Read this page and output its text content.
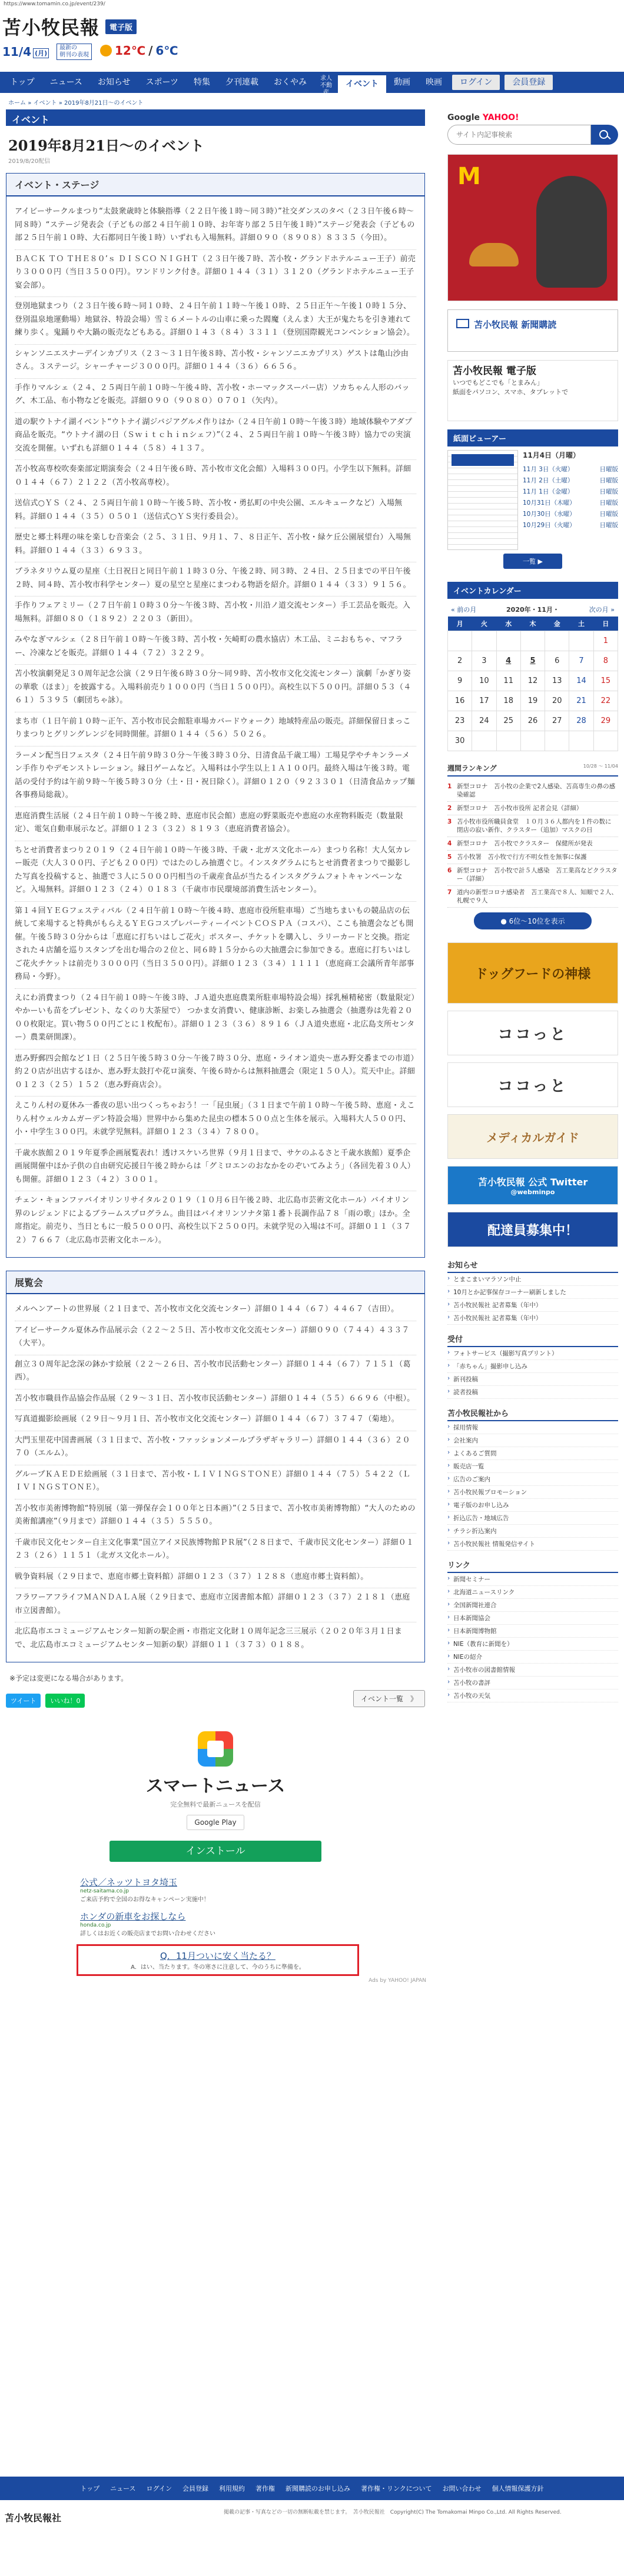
https://www.tomamin.co.jp/event/239/
苫小牧民報	電子版
11/4 (月)
最新の
朝刊の表現 12℃ / 6℃
トップ	ニュース	お知らせ	スポーツ	特集	夕刊連載	おくやみ	求人不動産
イベント	動画	映画	ログイン	会員登録
ホーム » イベント » 2019年8月21日～のイベント
イベント
2019年8月21日～のイベント
2019/8/20配信
イベント・ステージ

アイビーサークルまつり“太鼓衆歳時と体験指導（２２日午後１時～同３時）”社交ダンスのタベ（２３日午後６時～同８時）“ステージ発表会（子どもの部２４日午前１０時、お年寄り部２５日午後１時）”ステージ発表会（子どもの部２５日午前１０時、大石都同日午後１時）いずれも入場無料。詳細０９０（８９０８）８３３５（今田）。

ＢＡＣＫ ＴＯ ＴＨＥ８０’ｓ ＤＩＳＣＯ ＮＩＧＨＴ（２３日午後７時、苫小牧・グランドホテルニュー王子）前売り３０００円（当日３５００円）。ワンドリンク付き。詳細０１４４（３１）３１２０（グランドホテルニュー王子宴会部）。

登別地獄まつり（２３日午後６時～同１０時、２４日午前１１時～午後１０時、２５日正午～午後１０時１５分、登別温泉地運動場）地獄谷、特設会場）雪ミ６メートルの山車に乗った閻魔（えんま）大王が鬼たちを引き連れて練り歩く。鬼踊りや大鍋の販売などもある。詳細０１４３（８４）３３１１（登別国際観光コンベンション協会）。

シャンソニエスナーデインカプリス（２３～３１日午後８時、苫小牧・シャンソニエカプリス）ゲストは亀山沙由さん。３ステージ。シャーチャージ３０００円。詳細０１４４（３６）６６５６。

手作りマルシェ（２４、２５両日午前１０時～午後４時、苫小牧・ホーマックスーパー店）ソカちゃん人形のバッグ、木工品、布小物などを販売。詳細０９０（９０８０）０７０１（矢内）。

道の駅ウトナイ湖イベント“ウトナイ湖ジバジアグルメ作りはか（２４日午前１０時～午後３時）地域体験やアダプ商品を販売。“ウトナイ湖の日（Ｓｗｉｔｃｈｉｎシェフ）”（２４、２５両日午前１０時～午後３時）協力での実演交流を開催。いずれも詳細０１４４（５８）４１３７。

苫小牧高専校吹奏楽部定期演奏会（２４日午後６時、苫小牧市文化会館）入場料３００円。小学生以下無料。詳細０１４４（６７）２１２２（苫小牧高専校）。

送信式○ＹＳ（２４、２５両日午前１０時～午後５時、苫小牧・勇払町の中央公園、エルキュークなど）入場無料。詳細０１４４（３５）０５０１（送信式○ＹＳ実行委員会）。

歴史と郷土料理の味を楽しむ音楽会（２５、３１日、９月１、７、８日正午、苫小牧・緑ケ丘公園展望台）入場無料。詳細０１４４（３３）６９３３。

プラネタリウム夏の星座（土日祝日と同日午前１１時３０分、午後２時、同３時、２４日、２５日までの平日午後２時、同４時、苫小牧市科学センター）夏の星空と星座にまつわる物語を紹介。詳細０１４４（３３）９１５６。

手作りフェアミリー（２７日午前１０時３０分～午後３時、苫小牧・川沿ノ道交流センター）手工芸品を販売。入場無料。詳細０８０（１８９２）２２０３（新田）。

みやなぎマルシェ（２８日午前１０時～午後３時、苫小牧・矢崎町の農水協店）木工品、ミニおもちゃ、マフラー、冷凍などを販売。詳細０１４４（７２）３２２９。

苫小牧演劇発足３０周年記念公演（２９日午後６時３０分～同９時、苫小牧市文化交流センター）演劇「かぎり姿の華歌（ほま）」を披露する。入場料前売り１０００円（当日１５００円）。高校生以下５００円。詳細０５３（４６１）５３９５（劇団ちゃ詠）。

まち市（１日午前１０時～正午、苫小牧市民会館駐車場カバードウォーク）地域特産品の販売。詳細保留日まっこりまつりとグリングレンジを同時開催。詳細０１４４（５６）５０２６。

ラーメン配当日フェスタ（２４日午前９時３０分～午後３時３０分、日清食品千歳工場）工場見学やチキンラーメン手作りやデモンストレーション。縁日ゲームなど。入場料は小学生以上１Ａ１００円。最終入場は午後３時。電話の受付予約は午前９時～午後５時３０分（土・日・祝日除く）。詳細０１２０（９２３３０１（日清食品カップ麺各事務局総裁）。

恵庭消費生活展（２４日午前１０時～午後２時、恵庭市民会館）恵庭の野菜販売や恵庭の水産物料販売（数量限定）、電気自動車展示など。詳細０１２３（３２）８１９３（恵庭消費者協会）。

ちとせ消費者まつり２０１９（２４日午前１０時～午後３時、千歳・北ガス文化ホール）まつり名称！大人気カレー販売（大人３００円、子ども２００円）ではたのしみ抽選ぐじ。インスタグラムにちとせ消費者まつりで撮影した写真を投稿すると、抽選で３人に５０００円相当の千歳産食品が当たるインスタグラムフォトキャンペーンなど。入場無料。詳細０１２３（２４）０１８３（千歳市市民環境部消費生活センター）。

第１４回ＹＥＧフェスティバル（２４日午前１０時～午後４時、恵庭市役所駐車場）ご当地ちまいもの競品店の伝統して来場すると特典がもらえるＹＥＧコスプレパーティーイベントＣＯＳＰＡ（コスパ）、ここも抽選会なども開催。午後５時３０分からは「恵庭に打ちいはしご花火」ポスター、チケットを購入し、ラリーカードと交換。指定された４店舗を巡りスタンプを出む場合の２位と、同６時１５分からの大抽選会に参加できる。恵庭に打ちいはしご花火チケットは前売り３０００円（当日３５００円）。詳細０１２３（３４）１１１１（恵庭商工会議所青年部事務局・今野）。

えにわ消費まつり（２４日午前１０時～午後３時、ＪＡ道央恵庭農業所駐車場特設会場）採乳極精秘密（数量限定）やかーいも苗をプレゼント、なくのり大茶屋で） つかま女消費い、健康診断、お楽しみ抽選会（抽選券は先着２０００枚限定。買い物５００円ごとに１枚配布）。詳細０１２３（３６）８９１６（ＪＡ道央恵庭・北広島支所センター）農業研開課）。

恵み野郵四会館など１日（２５日午後５時３０分～午後７時３０分、恵庭・ライオン道央～恵み野交番までの市道）約２０店が出店するほか、恵み野太鼓打や花ロ演奏、午後６時からは無料抽選会（限定１５０人）。荒天中止。詳細０１２３（２５）１５２（恵み野商店会）。

えこりん村の夏休み一番夜の思い出つくっちゃおう！一「昆虫展」（３１日まで午前１０時～午後５時、恵庭・えこりん村ウェルカムガーデン特設会場）世界中から集めた昆虫の標本５００点と生体を展示。入場料大人５００円、小・中学生３００円。未就学児無料。詳細０１２３（３４）７８００。

千歳水族館２０１９年夏季企画展覧表れ！透けスケいろ世界（９月１日まで、サケのふるさと千歳水族館）夏季企画展開催中ほか子供の自由研究応援日午後２時からは「グミロエンのおなかをのぞいてみよう」（各回先着３０人）も開催。詳細０１２３（４２）３００１。

チェン・キョンファバイオリンリサイタル２０１９（１０月６日午後２時、北広島市芸術文化ホール）バイオリン界のレジェンドによるブラームスプログラム。曲目はバイオリンソナタ第１番ト長調作品７８「雨の歌」ほか。全席指定。前売り、当日ともに一般５０００円、高校生以下２５００円。未就学児の入場は不可。詳細０１１（３７２）７６６７（北広島市芸術文化ホール）。

展覧会

メルヘンアートの世界展（２１日まで、苫小牧市文化交流センター）詳細０１４４（６７）４４６７（吉田）。

アイビーサークル夏休み作品展示会（２２～２５日、苫小牧市文化交流センター）詳細０９０（７４４）４３３７（大平）。

創立３０周年記念深の鉢かす絵展（２２～２６日、苫小牧市民活動センター）詳細０１４４（６７）７１５１（葛西）。

苫小牧市職員作品協会作品展（２９～３１日、苫小牧市民活動センター）詳細０１４４（５５）６６９６（中根）。

写真道撮影絵画展（２９日～９月１日、苫小牧市文化交流センター）詳細０１４４（６７）３７４７（菊地）。

大門玉里花中国書画展（３１日まで、苫小牧・ファッションメールプラザギャラリー）詳細０１４４（３６）２０７０（エルム）。

グループＫＡＥＤＥ絵画展（３１日まで、苫小牧・ＬＩＶＩＮＧＳＴＯＮＥ）詳細０１４４（７５）５４２２（ＬＩＶＩＮＧＳＴＯＮＥ）。

苫小牧市美術博物館“特別展（第一弾保存会１００年と日本画）”（２５日まで、苫小牧市美術博物館）“大人のための美術館講座”（９月まで）詳細０１４４（３５）５５５０。

千歳市民文化センター自主文化事業“国立アイヌ民族博物館ＰＲ展”（２８日まで、千歳市民文化センター）詳細０１２３（２６）１１５１（北ガス文化ホール）。

戦争資料展（２９日まで、恵庭市郷土資料館）詳細０１２３（３７）１２８８（恵庭市郷土資料館）。

フラワーアフライフＭＡＮＤＡＬＡ展（２９日まで、恵庭市立図書館本館）詳細０１２３（３７）２１８１（恵庭市立図書館）。

北広島市エコミュージアムセンター知新の駅企画・市指定文化財１０周年記念三三展示（２０２０年３月１日まで、北広島市エコミュージアムセンター知新の駅）詳細０１１（３７３）０１８８。

※予定は変更になる場合があります。
ツイート	いいね！0	イベント一覧　》
スマートニュース
完全無料で最新ニュースを配信
Google Play
インストール
公式／ネッツトヨタ埼玉
netz-saitama.co.jp
ご来店予約で全国のお得なキャンペーン実施中！
ホンダの新車をお探しなら
honda.co.jp
詳しくはお近くの販売店までお問い合わせください
Q．11月ついに安く当たる？
A．はい、当たります。冬の寒さに注意して、今のうちに準備を。
Ads by YAHOO! JAPAN
Google YAHOO!
サイト内記事検索
M
苫小牧民報 新聞購読
苫小牧民報 電子版
いつでもどこでも「とまみん」
紙面をパソコン、スマホ、タブレットで
紙面ビューアー
11月4日（月曜）
11月 3日（火曜）	日曜版
11月 2日（土曜）	日曜版
11月 1日（金曜）	日曜版
10月31日（木曜）	日曜版
10月30日（水曜）	日曜版
10月29日（火曜）	日曜版
一覧 ▶
イベントカレンダー
« 前の月	2020年・11月・	次の月 »
月	火	水	木	金	土	日
						1
2	3	4	5	6	7	8
9	10	11	12	13	14	15
16	17	18	19	20	21	22
23	24	25	26	27	28	29
30						
週間ランキング	10/28 ～ 11/04
1 新型コロナ　苫小牧の企業で2人感染、苫高専生の鼻の感染確認
2 新型コロナ　苫小牧市役所 記者会見（詳細）
3 苫小牧市役所職員食堂　１０月３６人都内を１件の数に　閉店の寂い新作、クラスター（追加）マスクの日
4 新型コロナ　苫小牧でクラスター　保健所が発表
5 苫小牧署　苫小牧で行方不明女性を無事に保護
6 新型コロナ　苫小牧で計５人感染　苫工業高などクラスター（詳細）
7 道内の新型コロナ感染者　苫工業高で８人、知順で２人、札幌で９人
● 6位～10位を表示
ドッグフードの神様
ココっと
ココっと
メディカルガイド
苫小牧民報 公式 Twitter
@webminpo
配達員募集中！
お知らせ
› とまこまいマラソン中止
› 10月とか記事保存コーナー刷新しました
› 苫小牧民報社 記者募集（年中）
› 苫小牧民報社 記者募集（年中）
受付
› フォトサービス（撮影写真プリント）
› 「赤ちゃん」撮影申し込み
› 新刊投稿
› 読者投稿
苫小牧民報社から
› 採用情報
› 会社案内
› よくあるご質問
› 販売店一覧
› 広告のご案内
› 苫小牧民報プロモーション
› 電子版のお申し込み
› 折込広告・地域広告
› チラシ折込案内
› 苫小牧民報社 情報発信サイト
リンク
› 新聞セミナー
› 北海道ニュースリンク
› 全国新聞社連合
› 日本新聞協会
› 日本新聞博物館
› NIE（教育に新聞を）
› NIEの紹介
› 苫小牧市の図書館情報
› 苫小牧の書評
› 苫小牧の天気
トップ ニュース ログイン 会員登録 利用規約 著作権 新聞購読のお申し込み 著作権・リンクについて お問い合わせ 個人情報保護方針
苫小牧民報社	掲載の記事・写真などの一切の無断転載を禁じます。　苫小牧民報社　Copyright(C) The Tomakomai Minpo Co.,Ltd. All Rights Reserved.
